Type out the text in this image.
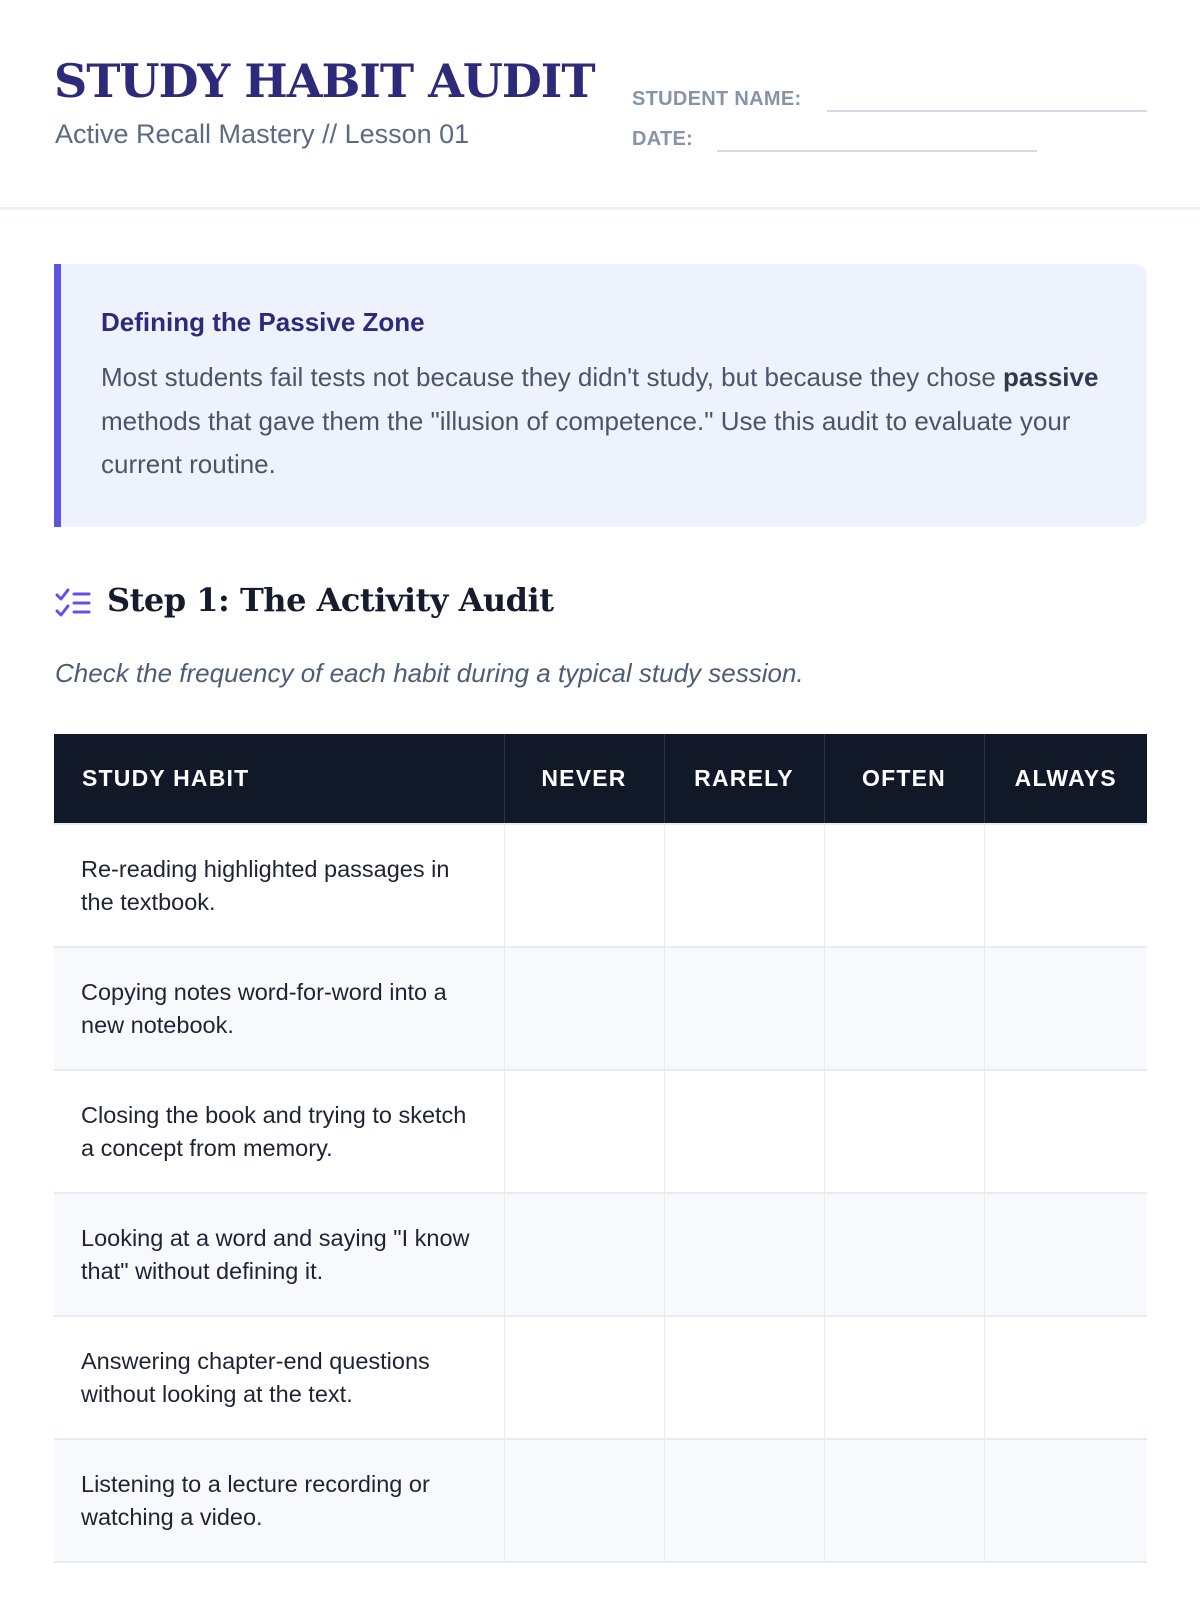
STUDY HABIT AUDIT
Active Recall Mastery // Lesson 01
STUDENT NAME:
DATE:
Defining the Passive Zone
Most students fail tests not because they didn't study, but because they chose passive methods that gave them the "illusion of competence." Use this audit to evaluate your current routine.
Step 1: The Activity Audit
Check the frequency of each habit during a typical study session.
STUDY HABIT	NEVER	RARELY	OFTEN	ALWAYS
Re-reading highlighted passages in the textbook.				
Copying notes word-for-word into a new notebook.				
Closing the book and trying to sketch a concept from memory.				
Looking at a word and saying "I know that" without defining it.				
Answering chapter-end questions without looking at the text.				
Listening to a lecture recording or watching a video.				
